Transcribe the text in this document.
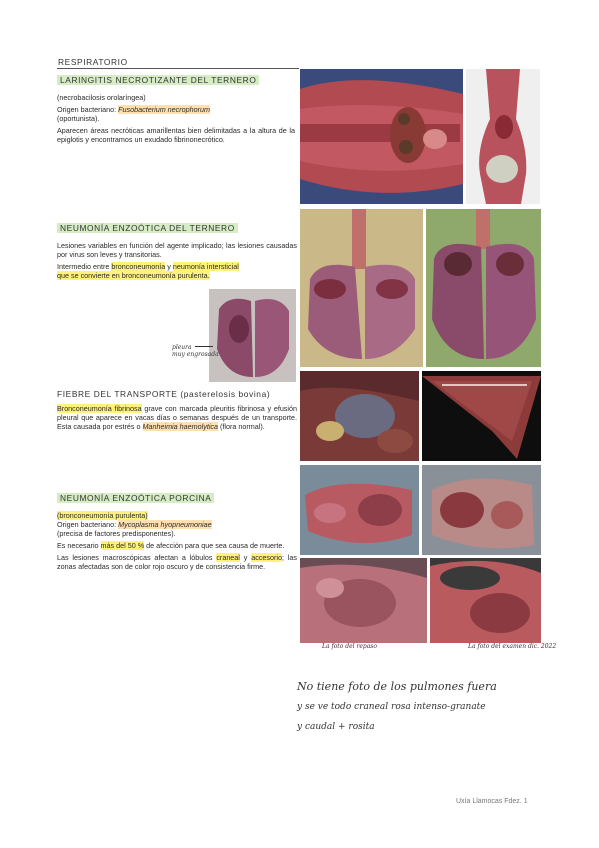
RESPIRATORIO
LARINGITIS NECROTIZANTE DEL TERNERO

(necrobacilosis orolaríngea)

Origen bacteriano: Fusobacterium necrophorum

(oportunista).

Aparecen áreas necróticas amarillentas bien delimitadas a la altura de la epiglotis y encontramos un exudado fibrinonecrótico.

NEUMONÍA ENZOÓTICA DEL TERNERO

Lesiones variables en función del agente implicado; las lesiones causadas por virus son leves y transitorias.

Intermedio entre bronconeumonía y neumonía intersticial

que se convierte en bronconeumonía purulenta.

FIEBRE DEL TRANSPORTE (pasterelosis bovina)

Bronconeumonía fibrinosa grave con marcada pleuritis fibrinosa y efusión pleural que aparece en vacas días o semanas después de un transporte. Esta causada por estrés o Manheimia haemolytica (flora normal).

NEUMONÍA ENZOÓTICA PORCINA

(bronconeumonía purulenta)

Origen bacteriano: Mycoplasma hyopneumoniae

(precisa de factores predisponentes).

Es necesario más del 50 % de afección para que sea causa de muerte.

Las lesiones macroscópicas afectan a lóbulos craneal y accesorio; las zonas afectadas son de color rojo oscuro y de consistencia firme.

pleura
muy engrosada
La foto del repaso	La foto del examen dic. 2022
No tiene foto de los pulmones fuera
y se ve todo craneal rosa intenso-granate
y caudal + rosita
Uxía Llamocas Fdez. 1
